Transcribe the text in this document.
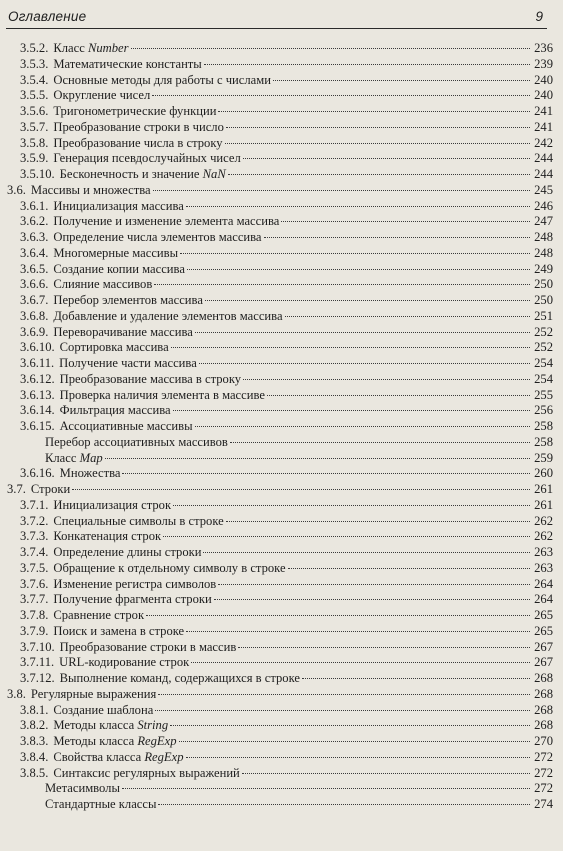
Оглавление	9
3.5.2. Класс Number	236
3.5.3. Математические константы	239
3.5.4. Основные методы для работы с числами	240
3.5.5. Округление чисел	240
3.5.6. Тригонометрические функции	241
3.5.7. Преобразование строки в число	241
3.5.8. Преобразование числа в строку	242
3.5.9. Генерация псевдослучайных чисел	244
3.5.10. Бесконечность и значение NaN	244
3.6. Массивы и множества	245
3.6.1. Инициализация массива	246
3.6.2. Получение и изменение элемента массива	247
3.6.3. Определение числа элементов массива	248
3.6.4. Многомерные массивы	248
3.6.5. Создание копии массива	249
3.6.6. Слияние массивов	250
3.6.7. Перебор элементов массива	250
3.6.8. Добавление и удаление элементов массива	251
3.6.9. Переворачивание массива	252
3.6.10. Сортировка массива	252
3.6.11. Получение части массива	254
3.6.12. Преобразование массива в строку	254
3.6.13. Проверка наличия элемента в массиве	255
3.6.14. Фильтрация массива	256
3.6.15. Ассоциативные массивы	258
Перебор ассоциативных массивов	258
Класс Map	259
3.6.16. Множества	260
3.7. Строки	261
3.7.1. Инициализация строк	261
3.7.2. Специальные символы в строке	262
3.7.3. Конкатенация строк	262
3.7.4. Определение длины строки	263
3.7.5. Обращение к отдельному символу в строке	263
3.7.6. Изменение регистра символов	264
3.7.7. Получение фрагмента строки	264
3.7.8. Сравнение строк	265
3.7.9. Поиск и замена в строке	265
3.7.10. Преобразование строки в массив	267
3.7.11. URL-кодирование строк	267
3.7.12. Выполнение команд, содержащихся в строке	268
3.8. Регулярные выражения	268
3.8.1. Создание шаблона	268
3.8.2. Методы класса String	268
3.8.3. Методы класса RegExp	270
3.8.4. Свойства класса RegExp	272
3.8.5. Синтаксис регулярных выражений	272
Метасимволы	272
Стандартные классы	274
